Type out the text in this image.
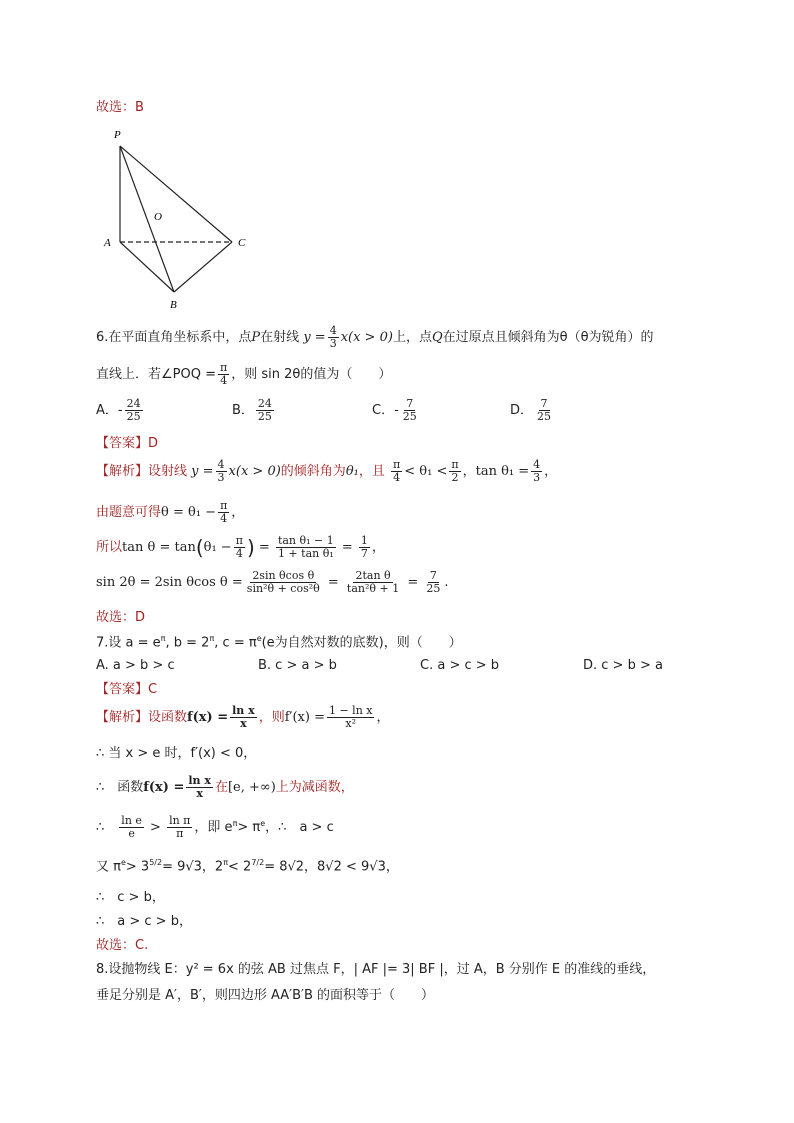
故选：B
P
O
A	C
B
6.在平面直角坐标系中，点P在射线 $y = \frac{4}{3} x(x > 0)$上，点Q在过原点且倾斜角为θ（θ为锐角）的
直线上．若∠POQ = $\frac{\pi}{4}$ ，则 sin 2θ的值为（　　）
A．- $\frac{24}{25}$	B． $\frac{24}{25}$	C．- $\frac{7}{25}$	D． $\frac{7}{25}$
【答案】D
【解析】设射线 $y = \frac{4}{3} x(x > 0)$的倾斜角为θ₁，且 $\frac{\pi}{4} < \theta_1 < \frac{\pi}{2}$ ，$\tan \theta_1 = \frac{4}{3}$ ，
由题意可得$\theta = \theta_1 - \frac{\pi}{4}$ ，
所以$\tan \theta = \tan(\theta_1 - \frac{\pi}{4}$ ) = $\frac{\text{tan θ₁ − 1}}{\text{1 + tan θ₁}} = \frac{1}{7}$ ，
sin 2θ = 2sin θcos $\theta = \frac{\text{2sin θcos θ}}{\text{sin²θ + cos²θ}} = \frac{\text{2tan θ}}{\text{tan²θ + 1}} = \frac{7}{25}$ .
故选：D
7.设 $a = e^\pi$, $b = 2^\pi$, $c = \pi^e(e$为自然对数的底数)，则（　　）
A. a > b > c	B. c > a > b	C. a > c > b	D. c > b > a
【答案】C
【解析】设函数$f(x) = \frac{\text{ln x}}{x}$ ，则$f'(x) = \frac{\text{1 − ln x}}{\text{x²}}$ ，
∴ 当 x > e 时，f′(x) < 0，
∴　函数$f(x) = \frac{\text{ln x}}{x}$ 在[e, +∞)上为减函数，
∴　 $\frac{\text{ln e}}{e} > \frac{\text{ln π}}{\pi}$ ，即 $e^\pi> \pi^e$，∴　a > c
又 $\pi^e> 3^{5/2}= 9√3$，$2^\pi< 2^{7/2}= 8√2$，8√2 < 9√3，
∴　c > b，
∴　a > c > b，
故选：C.
8.设抛物线 E：y² = 6x 的弦 AB 过焦点 F，| AF |= 3| BF |，过 A，B 分别作 E 的准线的垂线，
垂足分别是 A′，B′，则四边形 AA′B′B 的面积等于（　　）
